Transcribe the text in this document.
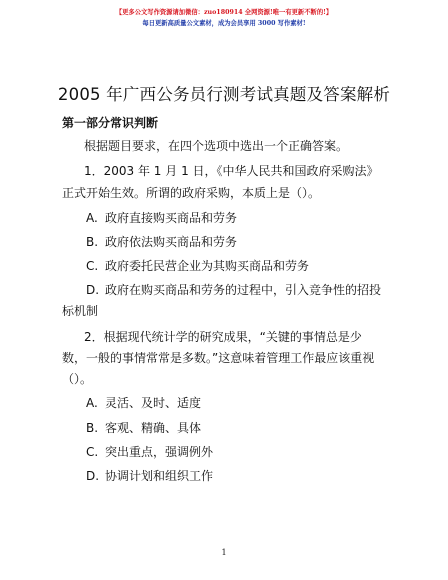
【更多公文写作资源请加微信：zuo180914 全网资源!唯一有更新不断的!】
每日更新高质量公文素材，成为会员享用 3000 写作素材!
2005 年广西公务员行测考试真题及答案解析
第一部分常识判断
根据题目要求，在四个选项中选出一个正确答案。
1．2003 年 1 月 1 日，《中华人民共和国政府采购法》
正式开始生效。所谓的政府采购，本质上是（）。
A. 政府直接购买商品和劳务
B. 政府依法购买商品和劳务
C. 政府委托民营企业为其购买商品和劳务
D. 政府在购买商品和劳务的过程中，引入竞争性的招投
标机制
2．根据现代统计学的研究成果，“关键的事情总是少
数，一般的事情常常是多数。”这意味着管理工作最应该重视
（）。
A. 灵活、及时、适度
B. 客观、精确、具体
C. 突出重点，强调例外
D. 协调计划和组织工作
1
